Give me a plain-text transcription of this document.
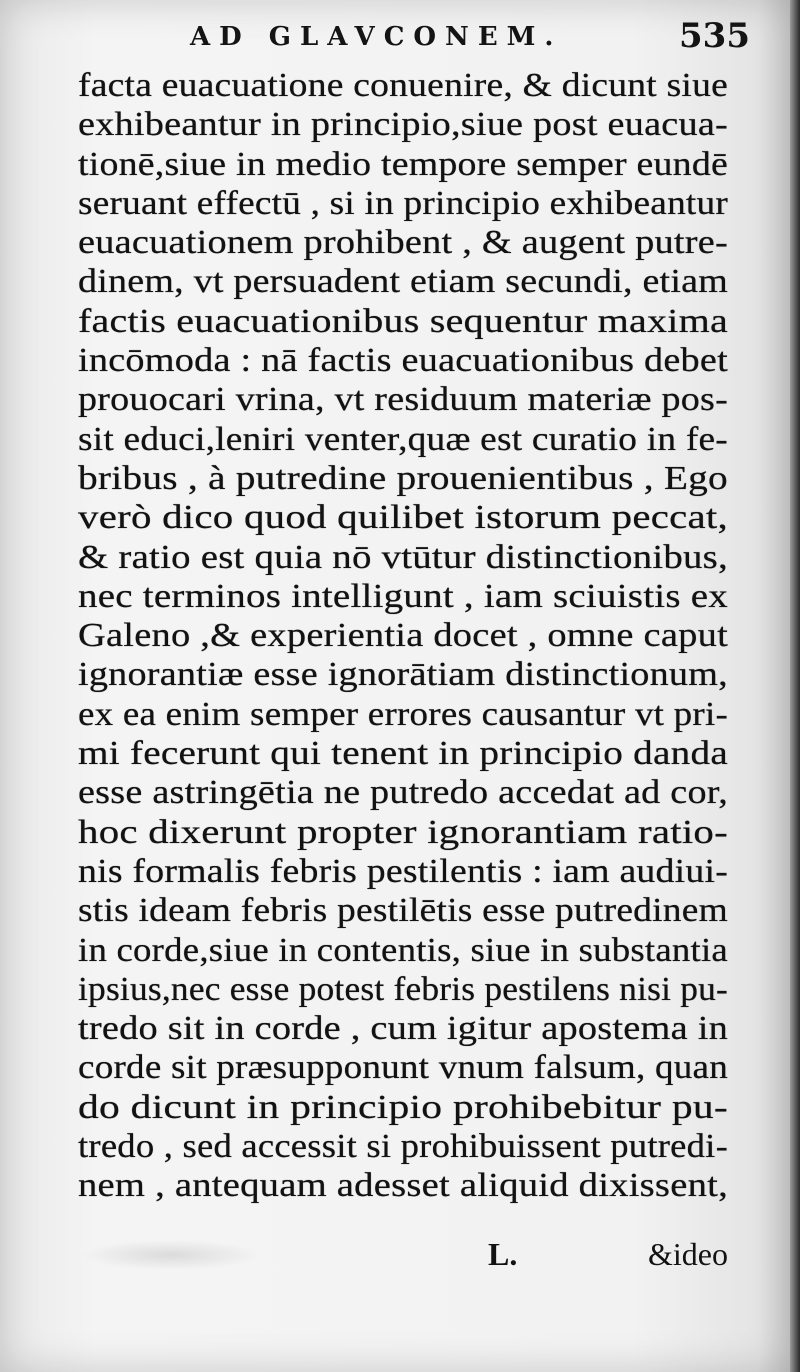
AD GLAVCONEM.	535
facta euacuatione conuenire, & dicunt siue
exhibeantur in principio,siue post euacua-
tionē,siue in medio tempore semper eundē
seruant effectū , si in principio exhibeantur
euacuationem prohibent , & augent putre-
dinem, vt persuadent etiam secundi, etiam
factis euacuationibus sequentur maxima
incōmoda : nā factis euacuationibus debet
prouocari vrina, vt residuum materiæ pos-
sit educi,leniri venter,quæ est curatio in fe-
bribus , à putredine prouenientibus , Ego
verò dico quod quilibet istorum peccat,
& ratio est quia nō vtūtur distinctionibus,
nec terminos intelligunt , iam sciuistis ex
Galeno ,& experientia docet , omne caput
ignorantiæ esse ignorātiam distinctionum,
ex ea enim semper errores causantur vt pri-
mi fecerunt qui tenent in principio danda
esse astringētia ne putredo accedat ad cor,
hoc dixerunt propter ignorantiam ratio-
nis formalis febris pestilentis : iam audiui-
stis ideam febris pestilētis esse putredinem
in corde,siue in contentis, siue in substantia
ipsius,nec esse potest febris pestilens nisi pu-
tredo sit in corde , cum igitur apostema in
corde sit præsupponunt vnum falsum, quan
do dicunt in principio prohibebitur pu-
tredo , sed accessit si prohibuissent putredi-
nem , antequam adesset aliquid dixissent,
L.	&ideo
